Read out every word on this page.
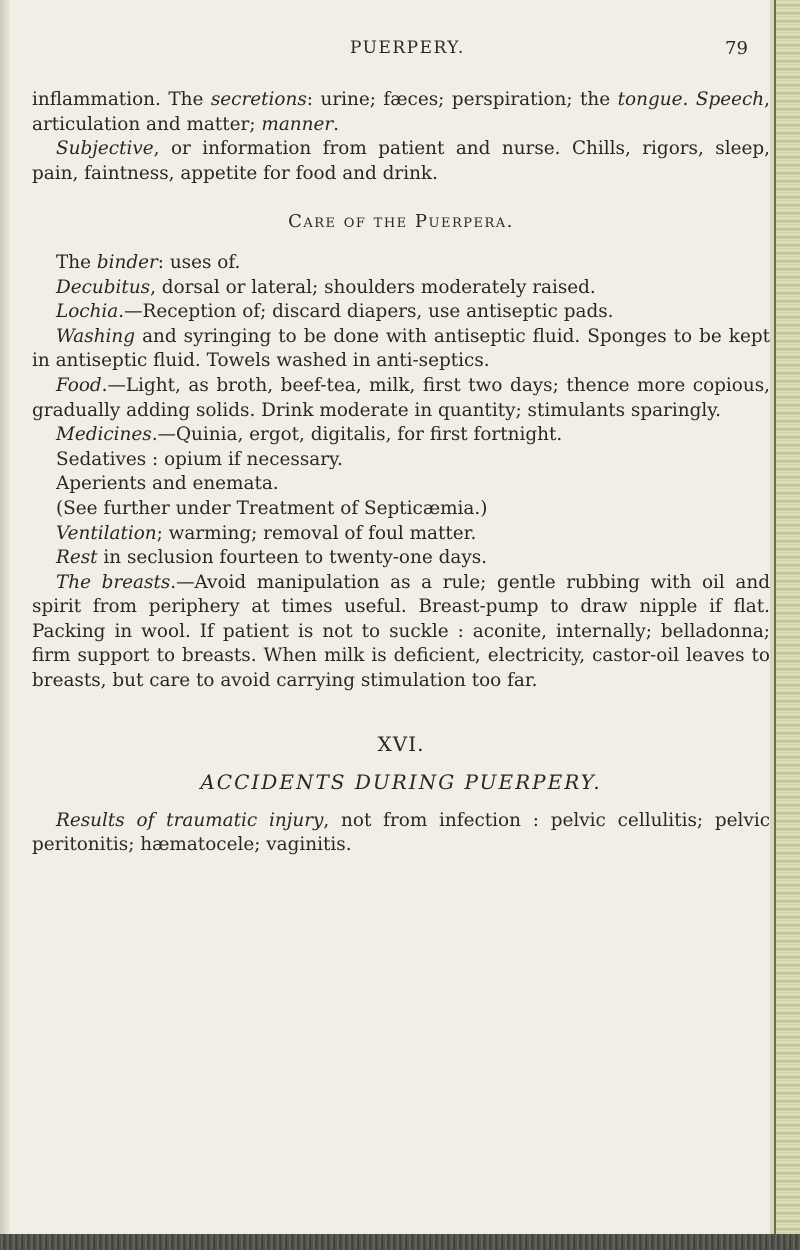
PUERPERY.	79

inflammation. The secretions: urine; fæces; perspiration; the tongue. Speech, articulation and matter; manner.

Subjective, or information from patient and nurse. Chills, rigors, sleep, pain, faintness, appetite for food and drink.

Care of the Puerpera.

The binder: uses of.

Decubitus, dorsal or lateral; shoulders moderately raised.

Lochia.—Reception of; discard diapers, use antiseptic pads.

Washing and syringing to be done with antiseptic fluid. Sponges to be kept in antiseptic fluid. Towels washed in anti-septics.

Food.—Light, as broth, beef-tea, milk, first two days; thence more copious, gradually adding solids. Drink moderate in quantity; stimulants sparingly.

Medicines.—Quinia, ergot, digitalis, for first fortnight.

Sedatives : opium if necessary.

Aperients and enemata.

(See further under Treatment of Septicæmia.)

Ventilation; warming; removal of foul matter.

Rest in seclusion fourteen to twenty-one days.

The breasts.—Avoid manipulation as a rule; gentle rubbing with oil and spirit from periphery at times useful. Breast-pump to draw nipple if flat. Packing in wool. If patient is not to suckle : aconite, internally; belladonna; firm support to breasts. When milk is deficient, electricity, castor-oil leaves to breasts, but care to avoid carrying stimulation too far.

XVI.
ACCIDENTS DURING PUERPERY.

Results of traumatic injury, not from infection : pelvic cellulitis; pelvic peritonitis; hæmatocele; vaginitis.
